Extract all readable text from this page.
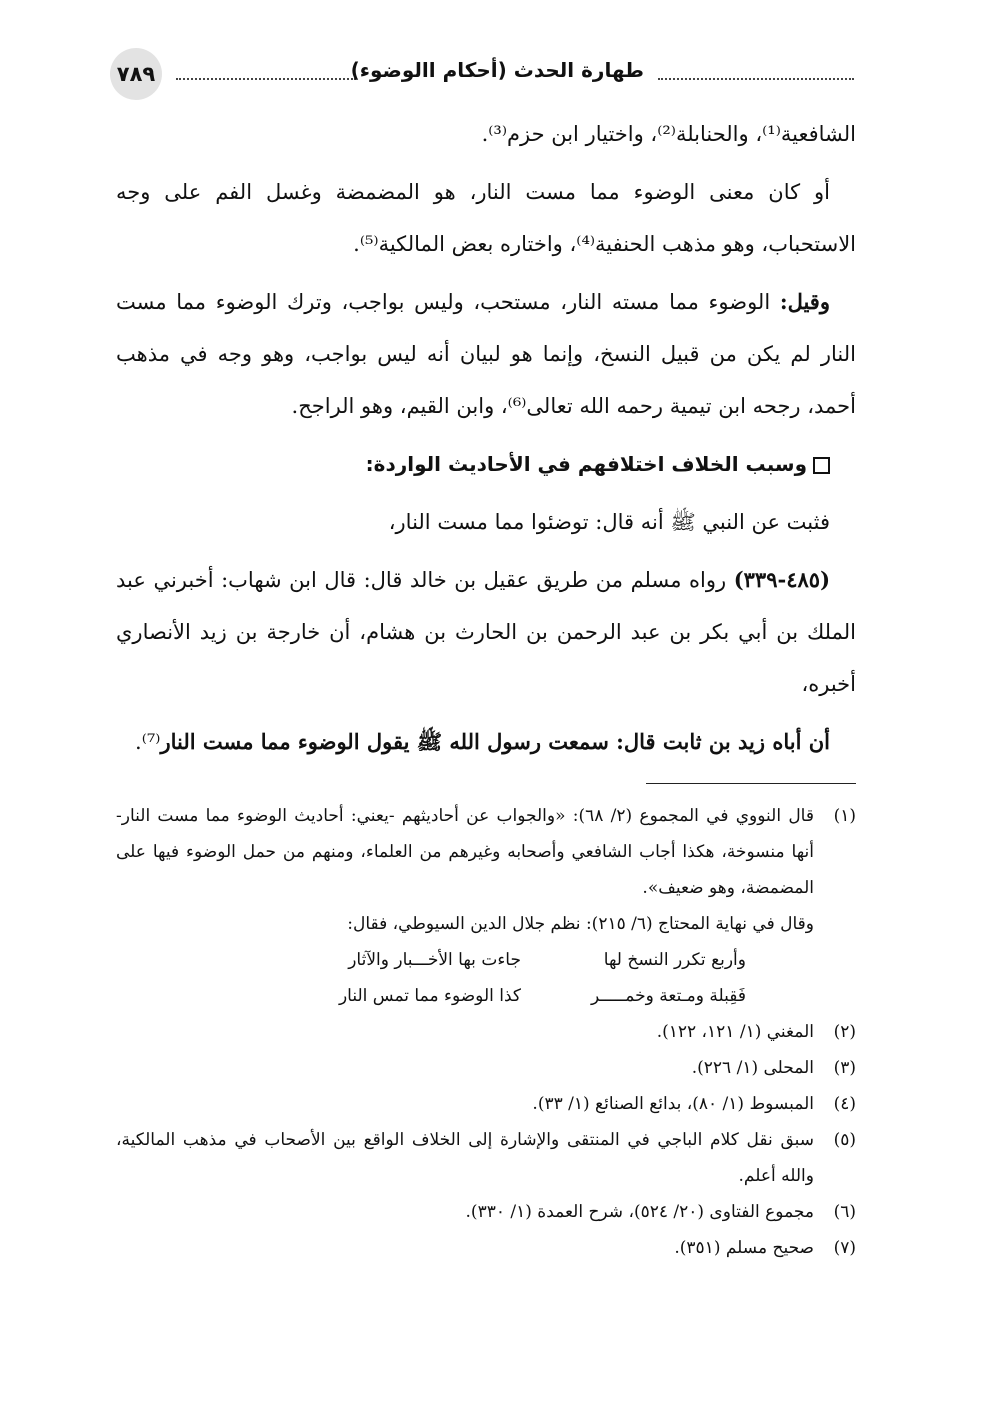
٧٨٩	طهارة الحدث (أحكام االوضوء)

الشافعية⁽¹⁾، والحنابلة⁽²⁾، واختيار ابن حزم⁽³⁾.

أو كان معنى الوضوء مما مست النار، هو المضمضة وغسل الفم على وجه الاستحباب، وهو مذهب الحنفية⁽⁴⁾، واختاره بعض المالكية⁽⁵⁾.

وقيل: الوضوء مما مسته النار، مستحب، وليس بواجب، وترك الوضوء مما مست النار لم يكن من قبيل النسخ، وإنما هو لبيان أنه ليس بواجب، وهو وجه في مذهب أحمد، رجحه ابن تيمية رحمه الله تعالى⁽⁶⁾، وابن القيم، وهو الراجح.

وسبب الخلاف اختلافهم في الأحاديث الواردة:

فثبت عن النبي ﷺ أنه قال: توضئوا مما مست النار،

(٤٨٥-٣٣٩) رواه مسلم من طريق عقيل بن خالد قال: قال ابن شهاب: أخبرني عبد الملك بن أبي بكر بن عبد الرحمن بن الحارث بن هشام، أن خارجة بن زيد الأنصاري أخبره،

أن أباه زيد بن ثابت قال: سمعت رسول الله ﷺ يقول الوضوء مما مست النار⁽⁷⁾.

(١)
قال النووي في المجموع (٢/ ٦٨): «والجواب عن أحاديثهم -يعني: أحاديث الوضوء مما مست النار- أنها منسوخة، هكذا أجاب الشافعي وأصحابه وغيرهم من العلماء، ومنهم من حمل الوضوء فيها على المضمضة، وهو ضعيف».
وقال في نهاية المحتاج (٦/ ٢١٥): نظم جلال الدين السيوطي، فقال:
وأربع تكرر النسخ لها
جاءت بها الأخـــبار والآثار
فَقِبلة ومـتعة وخمـــــر
كذا الوضوء مما تمس النار
(٢)
المغني (١/ ١٢١، ١٢٢).
(٣)
المحلى (١/ ٢٢٦).
(٤)
المبسوط (١/ ٨٠)، بدائع الصنائع (١/ ٣٣).
(٥)
سبق نقل كلام الباجي في المنتقى والإشارة إلى الخلاف الواقع بين الأصحاب في مذهب المالكية، والله أعلم.
(٦)
مجموع الفتاوى (٢٠/ ٥٢٤)، شرح العمدة (١/ ٣٣٠).
(٧)
صحيح مسلم (٣٥١).
